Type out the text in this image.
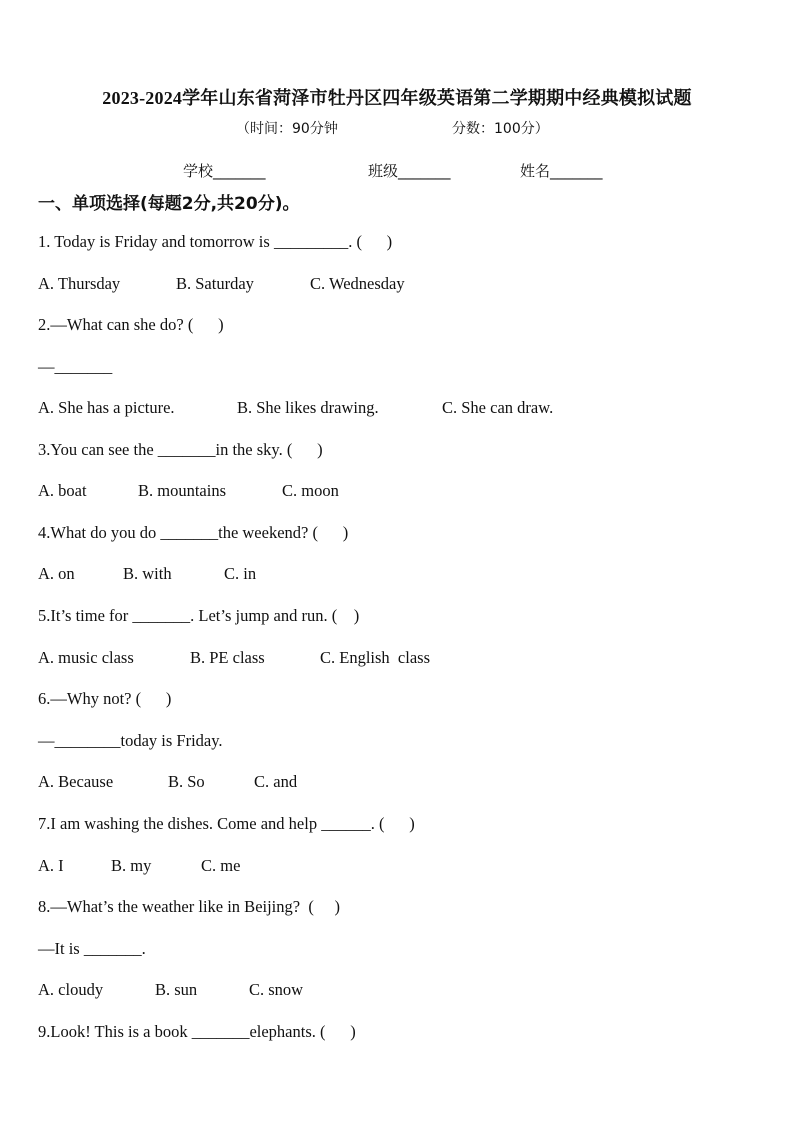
2023-2024学年山东省菏泽市牡丹区四年级英语第二学期期中经典模拟试题
（时间：90分钟	分数：100分）
学校_______	班级_______	姓名_______
一、单项选择(每题2分,共20分)。
1. Today is Friday and tomorrow is _________. (      )
A. Thursday	B. Saturday	C. Wednesday
2.—What can she do? (      )
—_______
A. She has a picture.	B. She likes drawing.	C. She can draw.
3.You can see the _______in the sky. (      )
A. boat	B. mountains	C. moon
4.What do you do _______the weekend? (      )
A. on	B. with	C. in
5.It’s time for _______. Let’s jump and run. (    )
A. music class	B. PE class	C. English  class
6.—Why not? (      )
—________today is Friday.
A. Because	B. So	C. and
7.I am washing the dishes. Come and help ______. (      )
A. I	B. my	C. me
8.—What’s the weather like in Beijing?  (     )
—It is _______.
A. cloudy	B. sun	C. snow
9.Look! This is a book _______elephants. (      )
